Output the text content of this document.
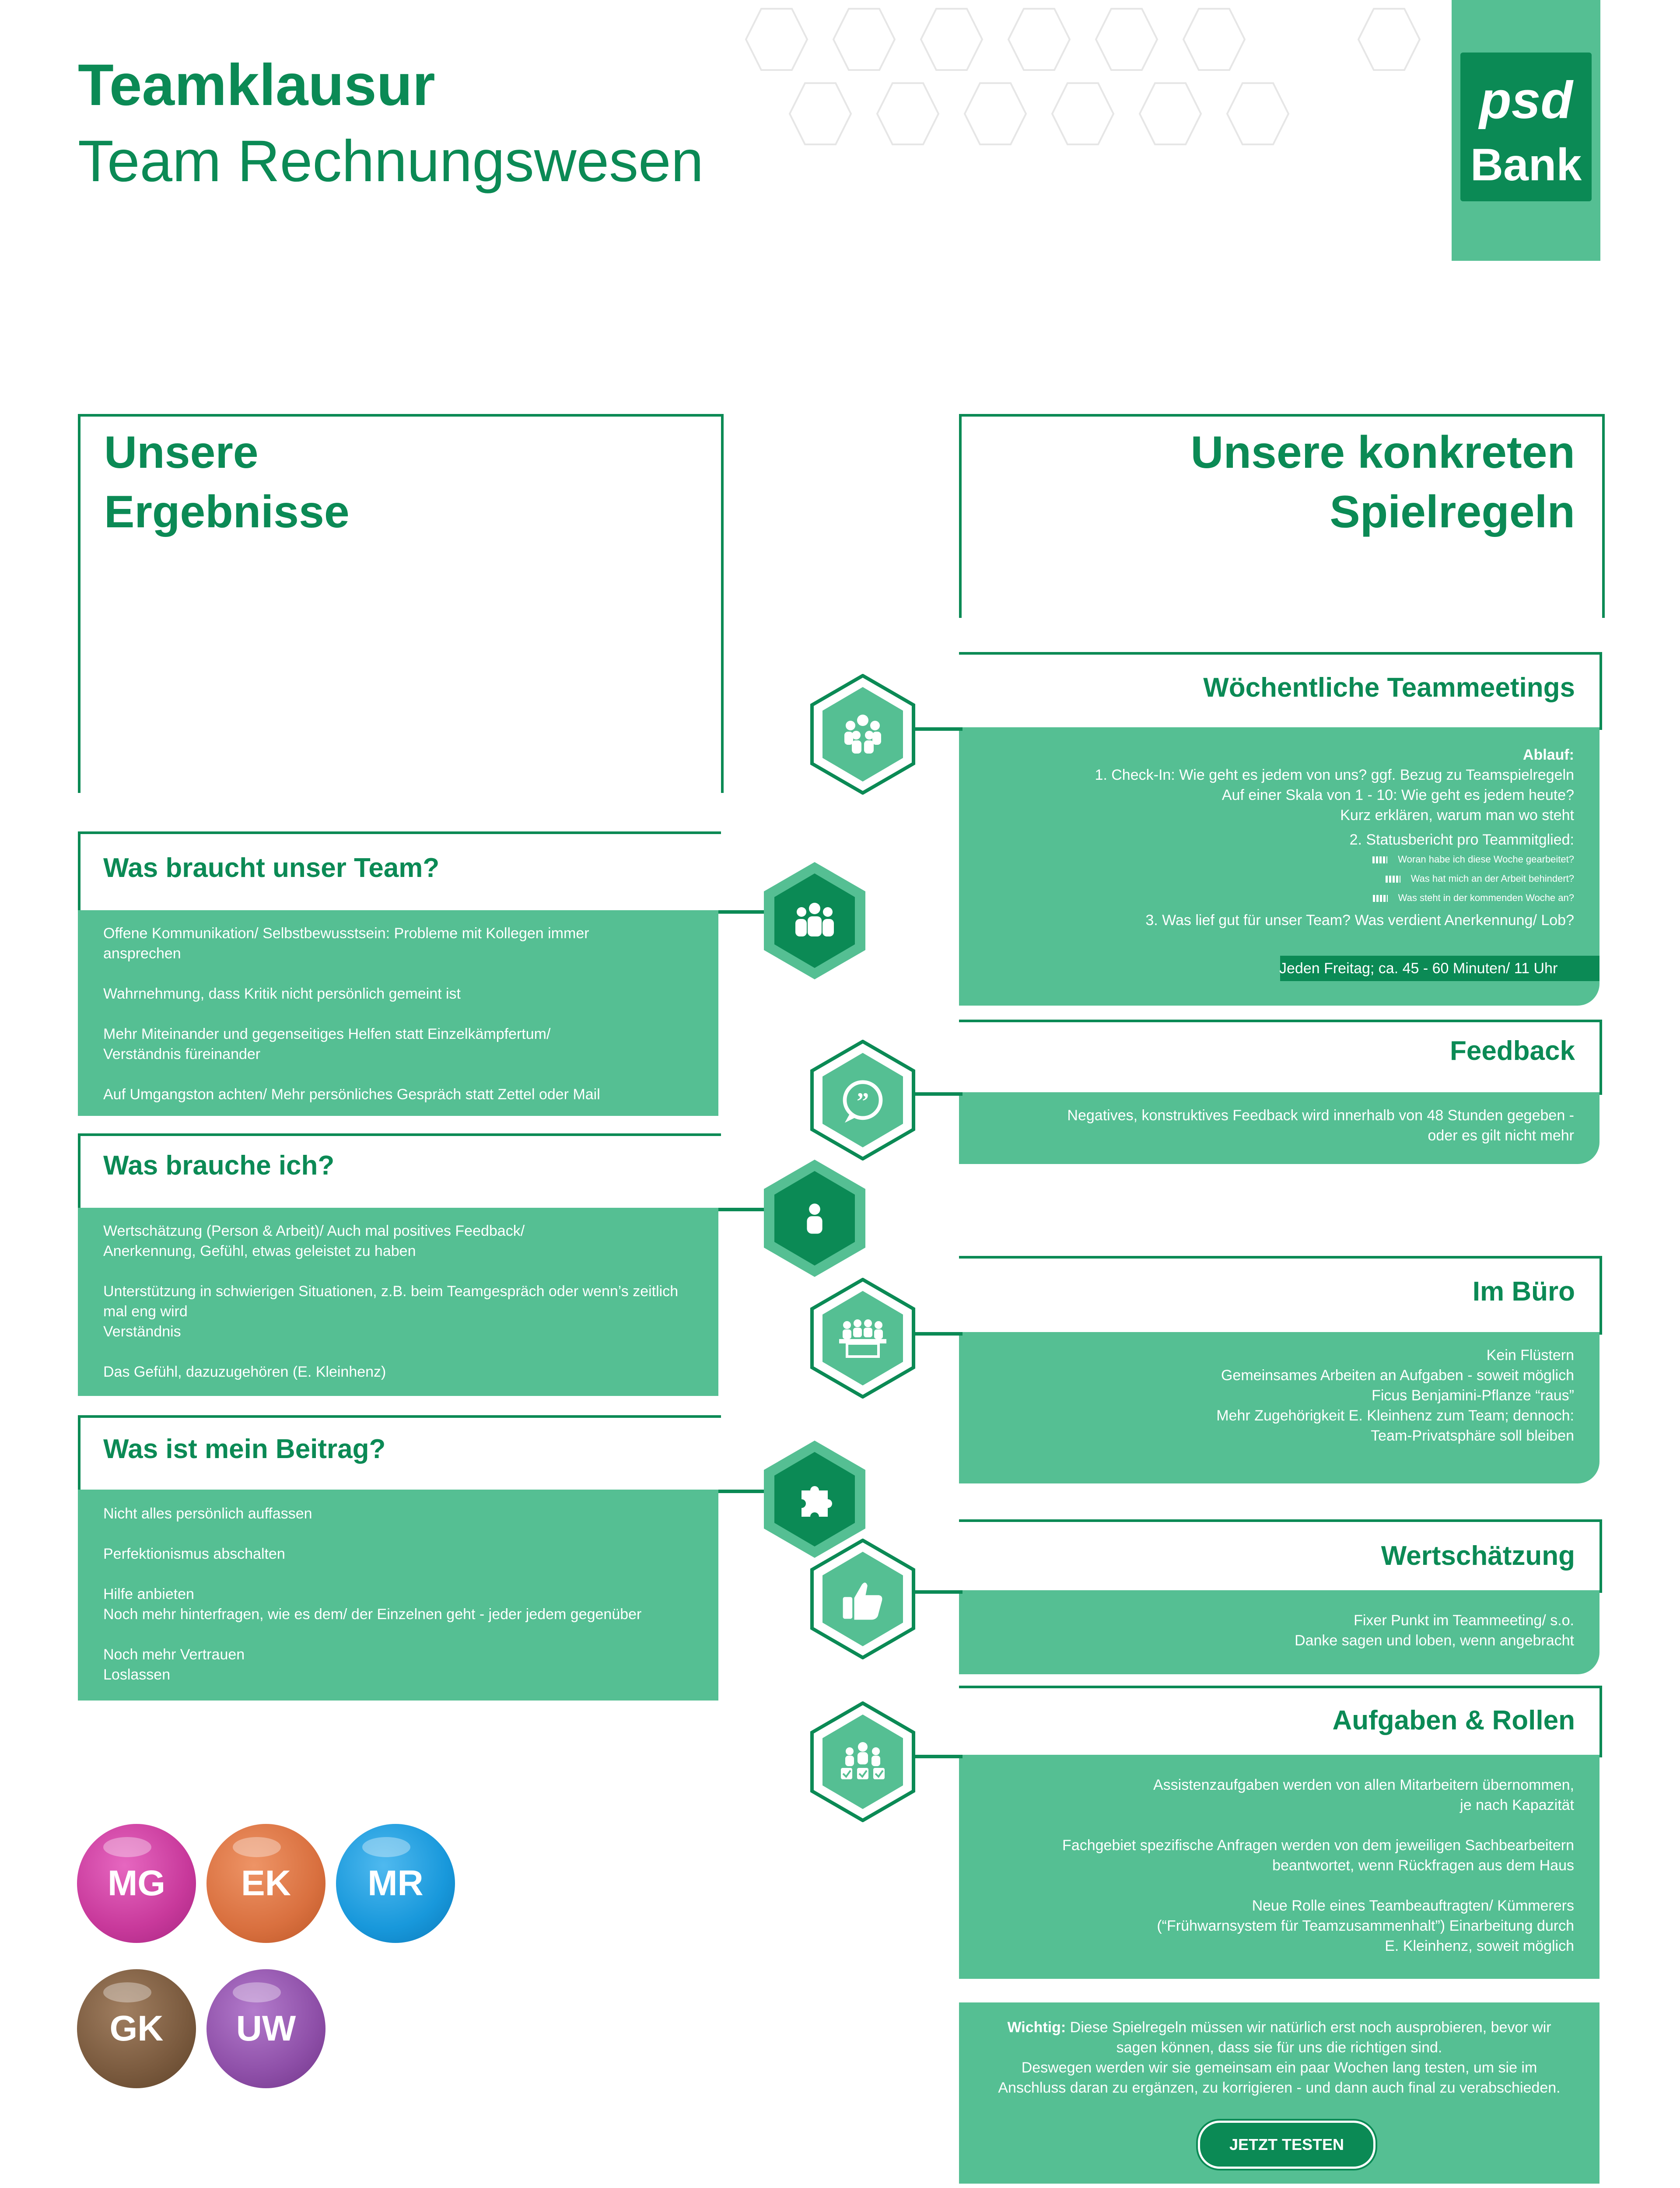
Teamklausur
Team Rechnungswesen
psd
Bank
Unsere
Ergebnisse
Was braucht unser Team?
Offene Kommunikation/ Selbstbewusstsein: Probleme mit Kollegen immer ansprechen
Wahrnehmung, dass Kritik nicht persönlich gemeint ist
Mehr Miteinander und gegenseitiges Helfen statt Einzelkämpfertum/ Verständnis füreinander
Auf Umgangston achten/ Mehr persönliches Gespräch statt Zettel oder Mail
Was brauche ich?
Wertschätzung (Person & Arbeit)/ Auch mal positives Feedback/ Anerkennung, Gefühl, etwas geleistet zu haben
Unterstützung in schwierigen Situationen, z.B. beim Teamgespräch oder wenn’s zeitlich mal eng wird
Verständnis
Das Gefühl, dazuzugehören (E. Kleinhenz)
Was ist mein Beitrag?
Nicht alles persönlich auffassen
Perfektionismus abschalten
Hilfe anbieten
Noch mehr hinterfragen, wie es dem/ der Einzelnen geht - jeder jedem gegenüber
Noch mehr Vertrauen
Loslassen
MG EK MR
GK UW
Unsere konkreten
Spielregeln
Wöchentliche Teammeetings
Ablauf:
1. Check-In: Wie geht es jedem von uns? ggf. Bezug zu Teamspielregeln
Auf einer Skala von 1 - 10: Wie geht es jedem heute?
Kurz erklären, warum man wo steht
2. Statusbericht pro Teammitglied:
Woran habe ich diese Woche gearbeitet?
Was hat mich an der Arbeit behindert?
Was steht in der kommenden Woche an?
3. Was lief gut für unser Team? Was verdient Anerkennung/ Lob?
Jeden Freitag; ca. 45 - 60 Minuten/ 11 Uhr
Feedback
Negatives, konstruktives Feedback wird innerhalb von 48 Stunden gegeben -
oder es gilt nicht mehr
Im Büro
Kein Flüstern
Gemeinsames Arbeiten an Aufgaben - soweit möglich
Ficus Benjamini-Pflanze “raus”
Mehr Zugehörigkeit E. Kleinhenz zum Team; dennoch:
Team-Privatsphäre soll bleiben
Wertschätzung
Fixer Punkt im Teammeeting/ s.o.
Danke sagen und loben, wenn angebracht
Aufgaben & Rollen
Assistenzaufgaben werden von allen Mitarbeitern übernommen,
je nach Kapazität
Fachgebiet spezifische Anfragen werden von dem jeweiligen Sachbearbeitern
beantwortet, wenn Rückfragen aus dem Haus
Neue Rolle eines Teambeauftragten/ Kümmerers
(“Frühwarnsystem für Teamzusammenhalt”) Einarbeitung durch
E. Kleinhenz, soweit möglich
Wichtig: Diese Spielregeln müssen wir natürlich erst noch ausprobieren, bevor wir
sagen können, dass sie für uns die richtigen sind.
Deswegen werden wir sie gemeinsam ein paar Wochen lang testen, um sie im
Anschluss daran zu ergänzen, zu korrigieren - und dann auch final zu verabschieden.
JETZT TESTEN
”
